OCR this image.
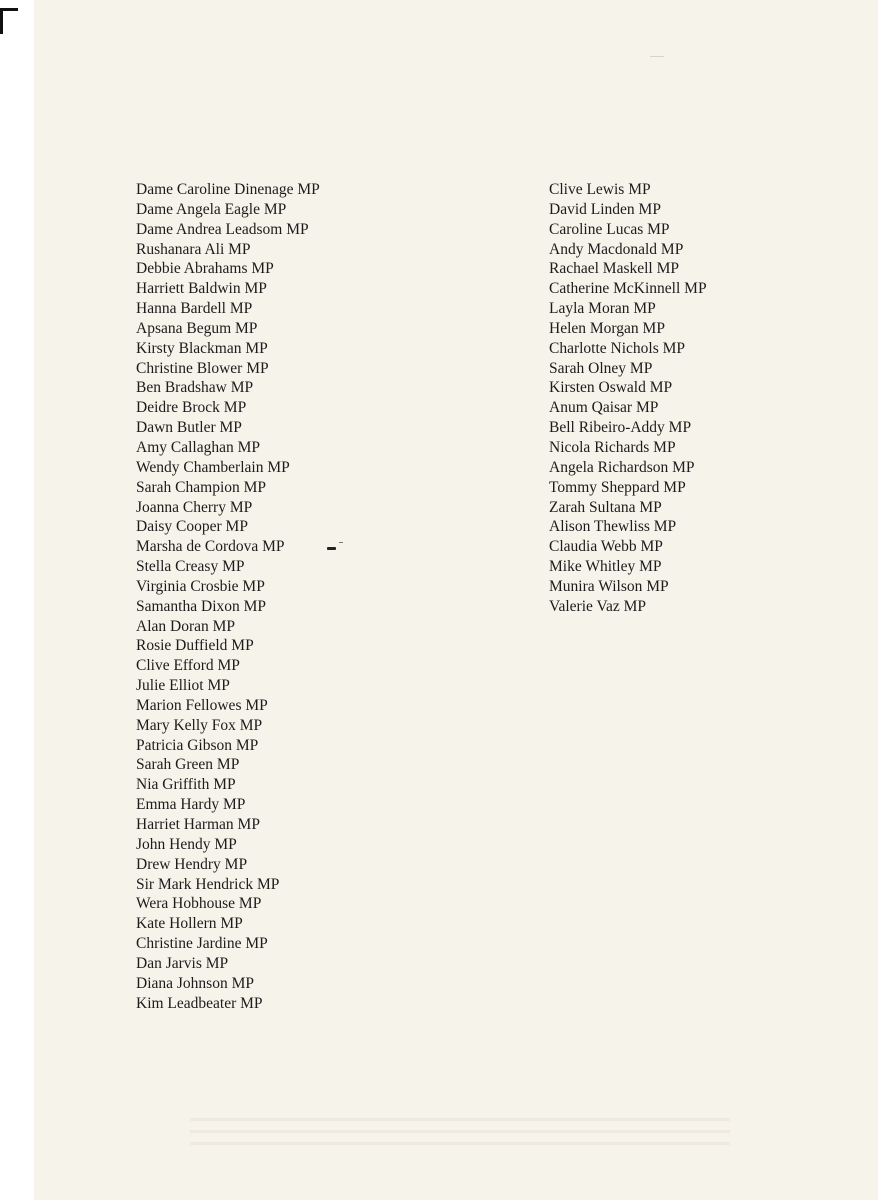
Dame Caroline Dinenage MP
Dame Angela Eagle MP
Dame Andrea Leadsom MP
Rushanara Ali MP
Debbie Abrahams MP
Harriett Baldwin MP
Hanna Bardell MP
Apsana Begum MP
Kirsty Blackman MP
Christine Blower MP
Ben Bradshaw MP
Deidre Brock MP
Dawn Butler MP
Amy Callaghan MP
Wendy Chamberlain MP
Sarah Champion MP
Joanna Cherry MP
Daisy Cooper MP
Marsha de Cordova MP
Stella Creasy MP
Virginia Crosbie MP
Samantha Dixon MP
Alan Doran MP
Rosie Duffield MP
Clive Efford MP
Julie Elliot MP
Marion Fellowes MP
Mary Kelly Fox MP
Patricia Gibson MP
Sarah Green MP
Nia Griffith MP
Emma Hardy MP
Harriet Harman MP
John Hendy MP
Drew Hendry MP
Sir Mark Hendrick MP
Wera Hobhouse MP
Kate Hollern MP
Christine Jardine MP
Dan Jarvis MP
Diana Johnson MP
Kim Leadbeater MP
Clive Lewis MP
David Linden MP
Caroline Lucas MP
Andy Macdonald MP
Rachael Maskell MP
Catherine McKinnell MP
Layla Moran MP
Helen Morgan MP
Charlotte Nichols MP
Sarah Olney MP
Kirsten Oswald MP
Anum Qaisar MP
Bell Ribeiro-Addy MP
Nicola Richards MP
Angela Richardson MP
Tommy Sheppard MP
Zarah Sultana MP
Alison Thewliss MP
Claudia Webb MP
Mike Whitley MP
Munira Wilson MP
Valerie Vaz MP
